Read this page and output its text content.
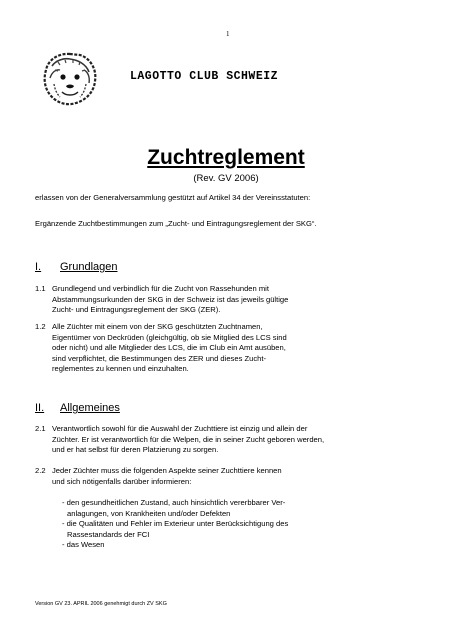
1
LAGOTTO CLUB SCHWEIZ
Zuchtreglement
(Rev. GV 2006)
erlassen von der Generalversammlung gestützt auf Artikel 34 der Vereinsstatuten:
Ergänzende Zuchtbestimmungen zum „Zucht- und Eintragungsreglement der SKG“.
I. Grundlagen
1.1 Grundlegend und verbindlich für die Zucht von Rassehunden mit
Abstammungsurkunden der SKG in der Schweiz ist das jeweils gültige
Zucht- und Eintragungsreglement der SKG (ZER).
1.2 Alle Züchter mit einem von der SKG geschützten Zuchtnamen,
Eigentümer von Deckrüden (gleichgültig, ob sie Mitglied des LCS sind
oder nicht) und alle Mitglieder des LCS, die im Club ein Amt ausüben,
sind verpflichtet, die Bestimmungen des ZER und dieses Zucht-
reglementes zu kennen und einzuhalten.
II. Allgemeines
2.1 Verantwortlich sowohl für die Auswahl der Zuchttiere ist einzig und allein der
Züchter. Er ist verantwortlich für die Welpen, die in seiner Zucht geboren werden,
und er hat selbst für deren Platzierung zu sorgen.
2.2 Jeder Züchter muss die folgenden Aspekte seiner Zuchttiere kennen
und sich nötigenfalls darüber informieren:
- den gesundheitlichen Zustand, auch hinsichtlich vererbbarer Ver-
anlagungen, von Krankheiten und/oder Defekten
- die Qualitäten und Fehler im Exterieur unter Berücksichtigung des
Rassestandards der FCI
- das Wesen
Version GV 23. APRIL 2006 genehmigt durch ZV SKG
